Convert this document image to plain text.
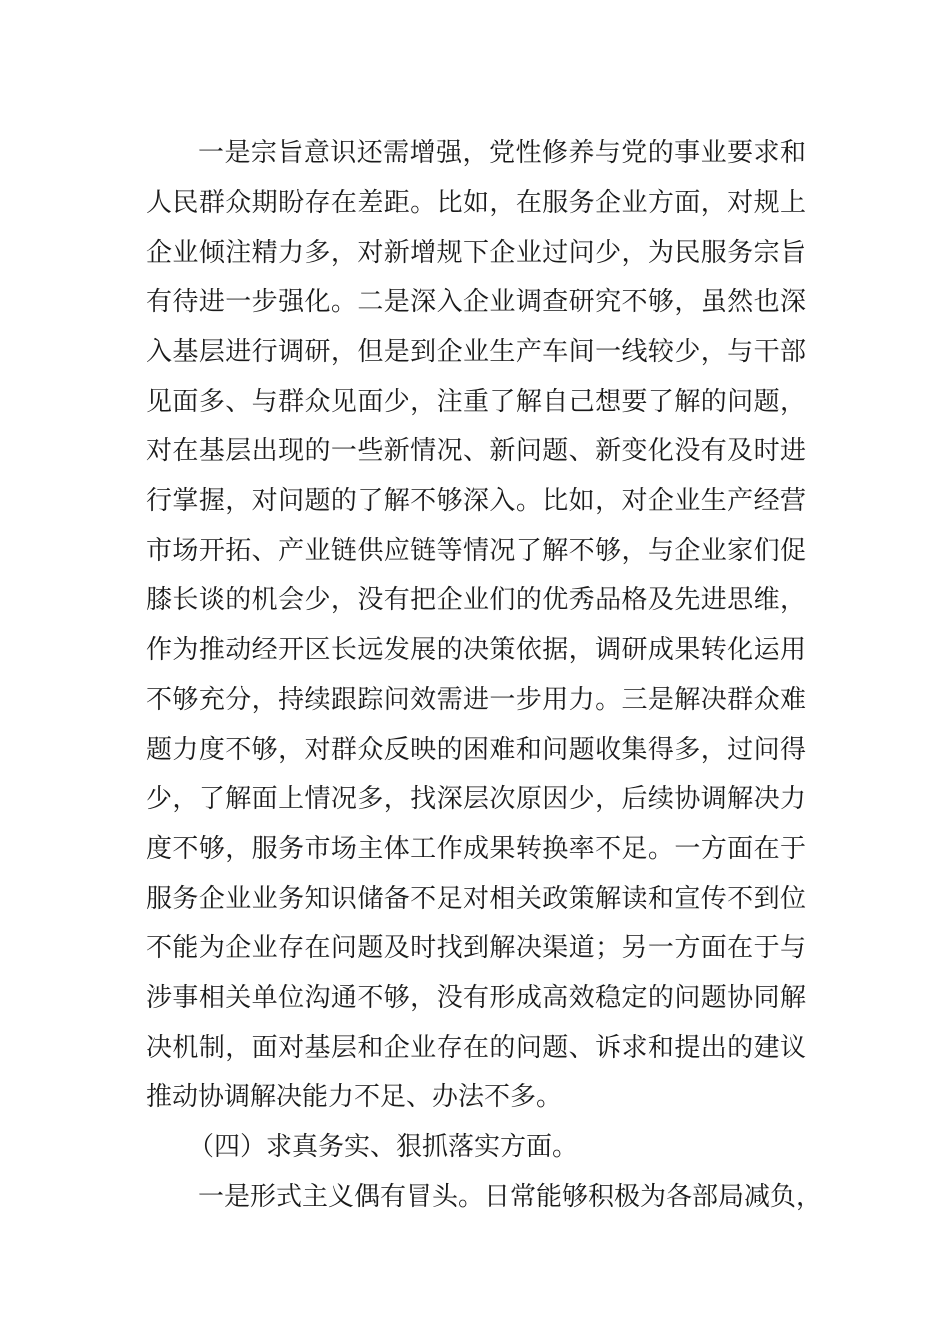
一是宗旨意识还需增强，党性修养与党的事业要求和
人民群众期盼存在差距。比如，在服务企业方面，对规上
企业倾注精力多，对新增规下企业过问少，为民服务宗旨
有待进一步强化。二是深入企业调查研究不够，虽然也深
入基层进行调研，但是到企业生产车间一线较少，与干部
见面多、与群众见面少，注重了解自己想要了解的问题，
对在基层出现的一些新情况、新问题、新变化没有及时进
行掌握，对问题的了解不够深入。比如，对企业生产经营
市场开拓、产业链供应链等情况了解不够，与企业家们促
膝长谈的机会少，没有把企业们的优秀品格及先进思维，
作为推动经开区长远发展的决策依据，调研成果转化运用
不够充分，持续跟踪问效需进一步用力。三是解决群众难
题力度不够，对群众反映的困难和问题收集得多，过问得
少，了解面上情况多，找深层次原因少，后续协调解决力
度不够，服务市场主体工作成果转换率不足。一方面在于
服务企业业务知识储备不足对相关政策解读和宣传不到位
不能为企业存在问题及时找到解决渠道；另一方面在于与
涉事相关单位沟通不够，没有形成高效稳定的问题协同解
决机制，面对基层和企业存在的问题、诉求和提出的建议
推动协调解决能力不足、办法不多。
（四）求真务实、狠抓落实方面。
一是形式主义偶有冒头。日常能够积极为各部局减负，
